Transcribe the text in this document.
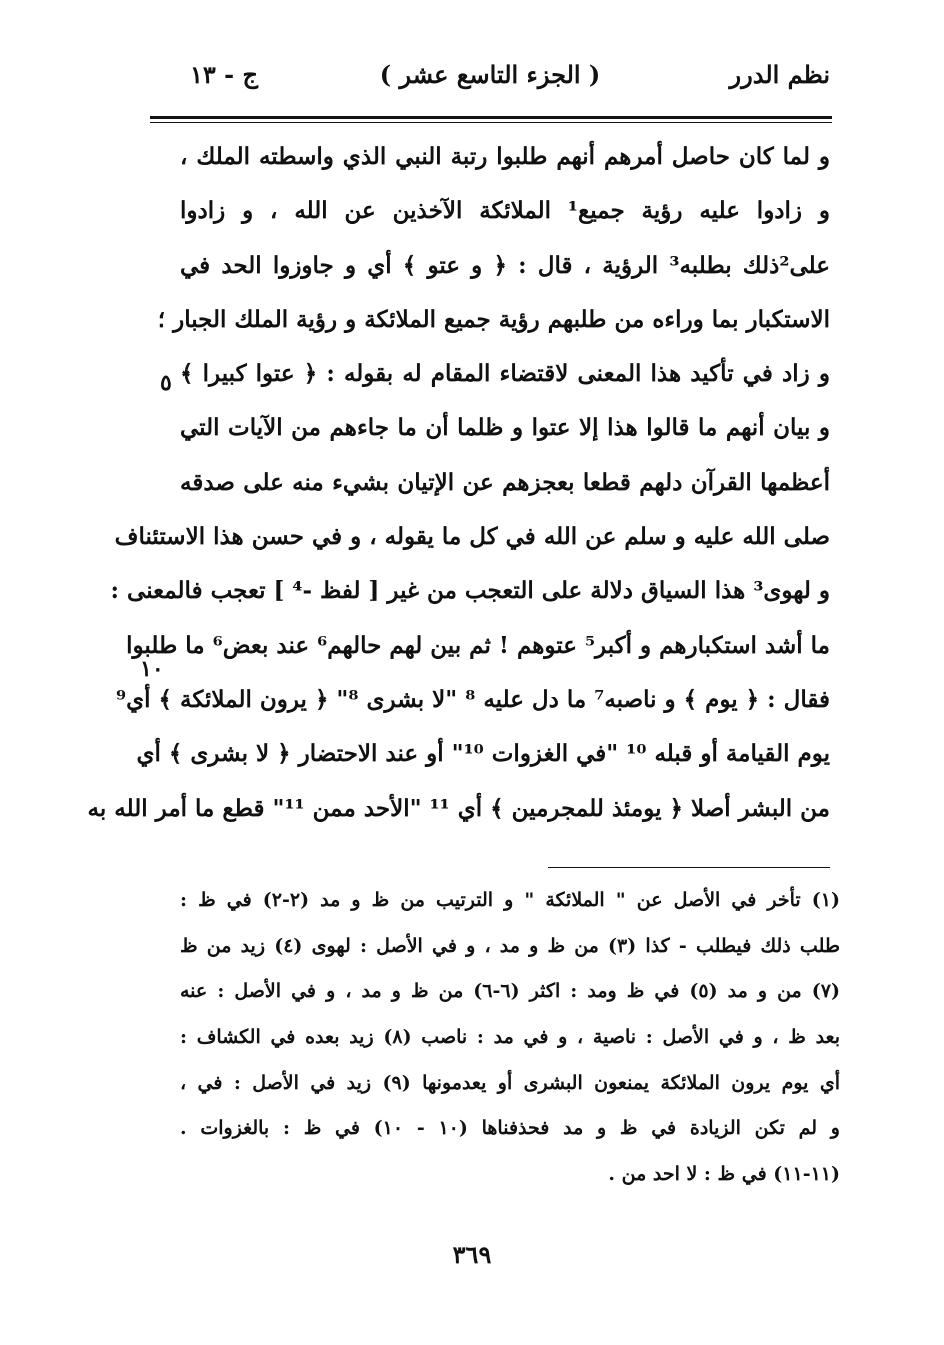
نظم الدرر
( الجزء التاسع عشر )
ج - ١٣
و لما كان حاصل أمرهم أنهم طلبوا رتبة النبي الذي واسطته الملك ،
و زادوا عليه رؤية جميع¹ الملائكة الآخذين عن الله ، و زادوا
على²ذلك بطلبه³ الرؤية ، قال : ﴿ و عتو ﴾ أي و جاوزوا الحد في
الاستكبار بما وراءه من طلبهم رؤية جميع الملائكة و رؤية الملك الجبار ؛
و زاد في تأكيد هذا المعنى لاقتضاء المقام له بقوله : ﴿ عتوا كبيرا ﴾
و بيان أنهم ما قالوا هذا إلا عتوا و ظلما أن ما جاءهم من الآيات التي
أعظمها القرآن دلهم قطعا بعجزهم عن الإتيان بشيء منه على صدقه
صلى الله عليه و سلم عن الله في كل ما يقوله ، و في حسن هذا الاستئناف
و لهوى³ هذا السياق دلالة على التعجب من غير [ لفظ -⁴ ] تعجب فالمعنى :
ما أشد استكبارهم و أكبر⁵ عتوهم ! ثم بين لهم حالهم⁶ عند بعض⁶ ما طلبوا
فقال : ﴿ يوم ﴾ و ناصبه⁷ ما دل عليه ⁸ "لا بشرى ⁸" ﴿ يرون الملائكة ﴾ أي⁹
يوم القيامة أو قبله ¹⁰ "في الغزوات ¹⁰" أو عند الاحتضار ﴿ لا بشرى ﴾ أي
من البشر أصلا ﴿ يومئذ للمجرمين ﴾ أي ¹¹ "الأحد ممن ¹¹" قطع ما أمر الله به
٥
١٠
(١) تأخر في الأصل عن " الملائكة " و الترتيب من ظ و مد (٢-٢) في ظ :
طلب ذلك فيطلب - كذا (٣) من ظ و مد ، و في الأصل : لهوى (٤) زيد من ظ
(٧) من و مد (٥) في ظ ومد : اكثر (٦-٦) من ظ و مد ، و في الأصل : عنه
بعد ظ ، و في الأصل : ناصية ، و في مد : ناصب (٨) زيد بعده في الكشاف :
أي يوم يرون الملائكة يمنعون البشرى أو يعدمونها (٩) زيد في الأصل : في ،
و لم تكن الزيادة في ظ و مد فحذفناها (١٠ - ١٠) في ظ : بالغزوات .
(١١-١١) في ظ : لا احد من .
٣٦٩
